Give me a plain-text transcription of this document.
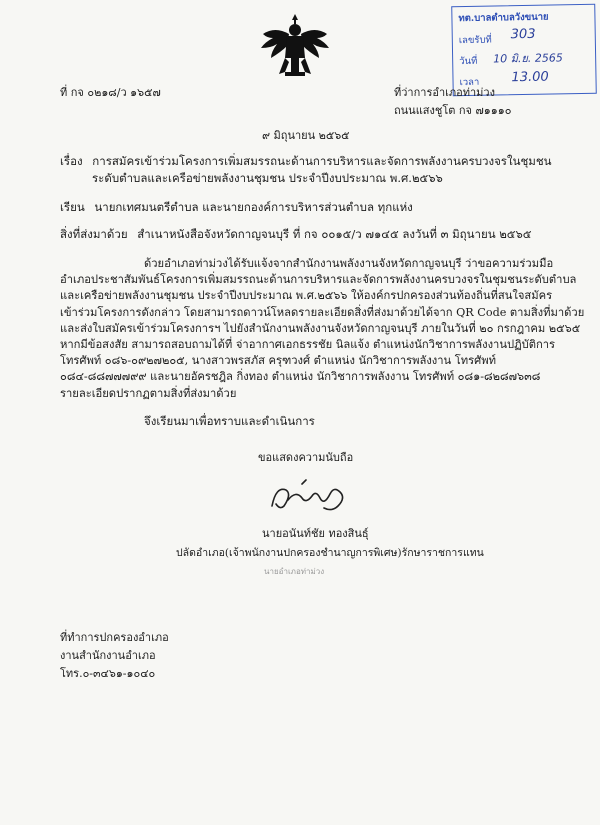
ทต.บาลตำบลวังขนาย
เลขรับที่ 303
วันที่ 10 มิ.ย. 2565
เวลา 13.00
ที่ กจ ๐๒๑๘/ว ๑๖๕๗	ที่ว่าการอำเภอท่าม่วง
ถนนแสงชูโต กจ ๗๑๑๑๐
๙ มิถุนายน ๒๕๖๕
เรื่อง การสมัครเข้าร่วมโครงการเพิ่มสมรรถนะด้านการบริหารและจัดการพลังงานครบวงจรในชุมชน
ระดับตำบลและเครือข่ายพลังงานชุมชน ประจำปีงบประมาณ พ.ศ.๒๕๖๖
เรียน นายกเทศมนตรีตำบล และนายกองค์การบริหารส่วนตำบล ทุกแห่ง
สิ่งที่ส่งมาด้วย สำเนาหนังสือจังหวัดกาญจนบุรี ที่ กจ ๐๐๑๕/ว ๗๑๔๕ ลงวันที่ ๓ มิถุนายน ๒๕๖๕

ด้วยอำเภอท่าม่วงได้รับแจ้งจากสำนักงานพลังงานจังหวัดกาญจนบุรี ว่าขอความร่วมมือ

อำเภอประชาสัมพันธ์โครงการเพิ่มสมรรถนะด้านการบริหารและจัดการพลังงานครบวงจรในชุมชนระดับตำบล

และเครือข่ายพลังงานชุมชน ประจำปีงบประมาณ พ.ศ.๒๕๖๖ ให้องค์กรปกครองส่วนท้องถิ่นที่สนใจสมัคร

เข้าร่วมโครงการดังกล่าว โดยสามารถดาวน์โหลดรายละเอียดสิ่งที่ส่งมาด้วยได้จาก QR Code ตามสิ่งที่มาด้วย

และส่งใบสมัครเข้าร่วมโครงการฯ ไปยังสำนักงานพลังงานจังหวัดกาญจนบุรี ภายในวันที่ ๒๐ กรกฎาคม ๒๕๖๕

หากมีข้อสงสัย สามารถสอบถามได้ที่ จ่าอากาศเอกธรรชัย นิลแจ้ง ตำแหน่งนักวิชาการพลังงานปฏิบัติการ

โทรศัพท์ ๐๘๖-๐๙๒๗๒๐๕, นางสาวพรสภัส ครุฑวงศ์ ตำแหน่ง นักวิชาการพลังงาน โทรศัพท์

๐๘๔-๘๘๗๗๗๙๙ และนายอัครชฎิล กิ่งทอง ตำแหน่ง นักวิชาการพลังงาน โทรศัพท์ ๐๘๑-๘๒๘๗๖๓๘

รายละเอียดปรากฏตามสิ่งที่ส่งมาด้วย

จึงเรียนมาเพื่อทราบและดำเนินการ
ขอแสดงความนับถือ
นายอนันท์ชัย ทองสินธุ์
ปลัดอำเภอ(เจ้าพนักงานปกครองชำนาญการพิเศษ)รักษาราชการแทน
นายอำเภอท่าม่วง
ที่ทำการปกครองอำเภอ
งานสำนักงานอำเภอ
โทร.๐-๓๔๖๑-๑๐๔๐
